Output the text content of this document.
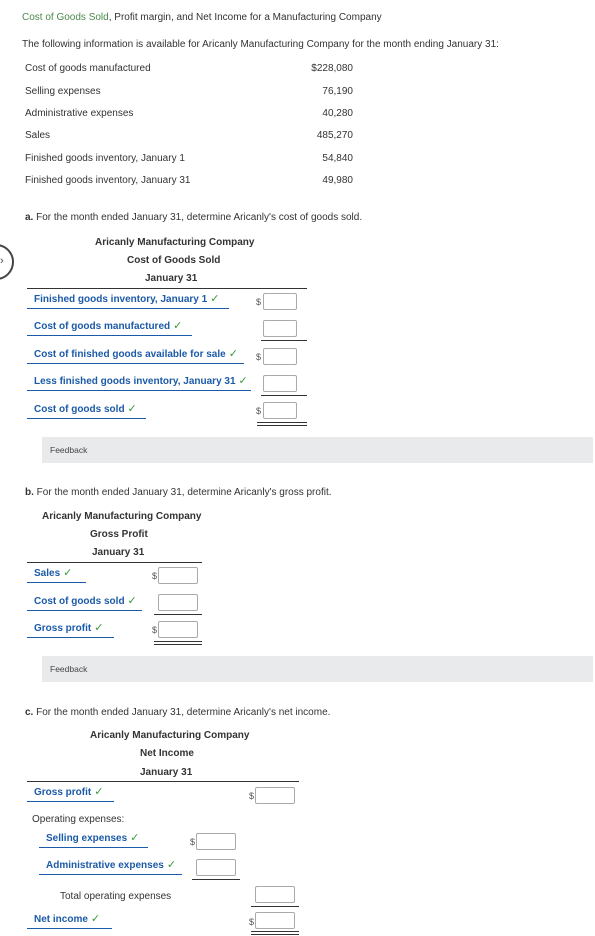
›
Cost of Goods Sold, Profit margin, and Net Income for a Manufacturing Company
The following information is available for Aricanly Manufacturing Company for the month ending January 31:
Cost of goods manufactured	$228,080
Selling expenses	76,190
Administrative expenses	40,280
Sales	485,270
Finished goods inventory, January 1	54,840
Finished goods inventory, January 31	49,980
a. For the month ended January 31, determine Aricanly's cost of goods sold.
Aricanly Manufacturing Company
Cost of Goods Sold
January 31
Finished goods inventory, January 1 ✓	$
Cost of goods manufactured ✓
Cost of finished goods available for sale ✓	$
Less finished goods inventory, January 31 ✓
Cost of goods sold ✓	$
Feedback
b. For the month ended January 31, determine Aricanly's gross profit.
Aricanly Manufacturing Company
Gross Profit
January 31
Sales ✓	$
Cost of goods sold ✓
Gross profit ✓	$
Feedback
c. For the month ended January 31, determine Aricanly's net income.
Aricanly Manufacturing Company
Net Income
January 31
Gross profit ✓	$
Operating expenses:
Selling expenses ✓	$
Administrative expenses ✓
Total operating expenses
Net income ✓	$
